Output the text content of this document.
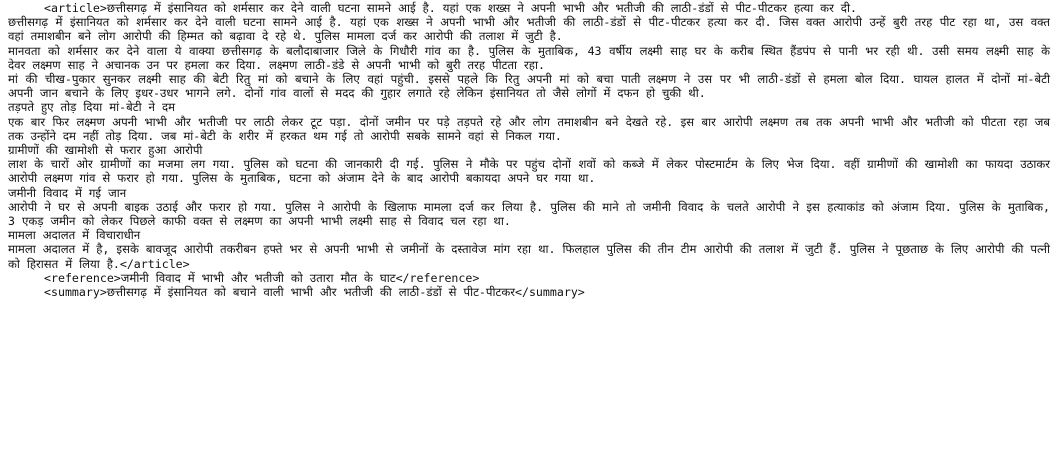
<article>छत्तीसगढ़ में इंसानियत को शर्मसार कर देने वाली घटना सामने आई है. यहां एक शख्स ने अपनी भाभी और भतीजी की लाठी-डंडों से पीट-पीटकर हत्या कर दी.

छत्तीसगढ़ में इंसानियत को शर्मसार कर देने वाली घटना सामने आई है. यहां एक शख्स ने अपनी भाभी और भतीजी की लाठी-डंडों से पीट-पीटकर हत्या कर दी. जिस वक्त आरोपी उन्हें बुरी तरह पीट रहा था, उस वक्त वहां तमाशबीन बने लोग आरोपी की हिम्मत को बढ़ावा दे रहे थे. पुलिस मामला दर्ज कर आरोपी की तलाश में जुटी है.

मानवता को शर्मसार कर देने वाला ये वाक्या छत्तीसगढ़ के बलौदाबाजार जिले के गिधौरी गांव का है. पुलिस के मुताबिक, 43 वर्षीय लक्ष्मी साह घर के करीब स्थित हैंडपंप से पानी भर रही थी. उसी समय लक्ष्मी साह के देवर लक्ष्मण साह ने अचानक उन पर हमला कर दिया. लक्ष्मण लाठी-डंडे से अपनी भाभी को बुरी तरह पीटता रहा.

मां की चीख-पुकार सुनकर लक्ष्मी साह की बेटी रितु मां को बचाने के लिए वहां पहुंची. इससे पहले कि रितु अपनी मां को बचा पाती लक्ष्मण ने उस पर भी लाठी-डंडों से हमला बोल दिया. घायल हालत में दोनों मां-बेटी अपनी जान बचाने के लिए इधर-उधर भागने लगे. दोनों गांव वालों से मदद की गुहार लगाते रहे लेकिन इंसानियत तो जैसे लोगों में दफन हो चुकी थी.

तड़पते हुए तोड़ दिया मां-बेटी ने दम

एक बार फिर लक्ष्मण अपनी भाभी और भतीजी पर लाठी लेकर टूट पड़ा. दोनों जमीन पर पड़े तड़पते रहे और लोग तमाशबीन बने देखते रहे. इस बार आरोपी लक्ष्मण तब तक अपनी भाभी और भतीजी को पीटता रहा जब तक उन्होंने दम नहीं तोड़ दिया. जब मां-बेटी के शरीर में हरकत थम गई तो आरोपी सबके सामने वहां से निकल गया.

ग्रामीणों की खामोशी से फरार हुआ आरोपी

लाश के चारों ओर ग्रामीणों का मजमा लग गया. पुलिस को घटना की जानकारी दी गई. पुलिस ने मौके पर पहुंच दोनों शवों को कब्जे में लेकर पोस्टमार्टम के लिए भेज दिया. वहीं ग्रामीणों की खामोशी का फायदा उठाकर आरोपी लक्ष्मण गांव से फरार हो गया. पुलिस के मुताबिक, घटना को अंजाम देने के बाद आरोपी बकायदा अपने घर गया था.

जमीनी विवाद में गई जान

आरोपी ने घर से अपनी बाइक उठाई और फरार हो गया. पुलिस ने आरोपी के खिलाफ मामला दर्ज कर लिया है. पुलिस की माने तो जमीनी विवाद के चलते आरोपी ने इस हत्याकांड को अंजाम दिया. पुलिस के मुताबिक, 3 एकड़ जमीन को लेकर पिछले काफी वक्त से लक्ष्मण का अपनी भाभी लक्ष्मी साह से विवाद चल रहा था.

मामला अदालत में विचाराधीन

मामला अदालत में है, इसके बावजूद आरोपी तकरीबन हफ्ते भर से अपनी भाभी से जमीनों के दस्तावेज मांग रहा था. फिलहाल पुलिस की तीन टीम आरोपी की तलाश में जुटी हैं. पुलिस ने पूछताछ के लिए आरोपी की पत्नी को हिरासत में लिया है.</article>

<reference>जमीनी विवाद में भाभी और भतीजी को उतारा मौत के घाट</reference>

<summary>छत्तीसगढ़ में इंसानियत को बचाने वाली भाभी और भतीजी की लाठी-डंडों से पीट-पीटकर</summary>
